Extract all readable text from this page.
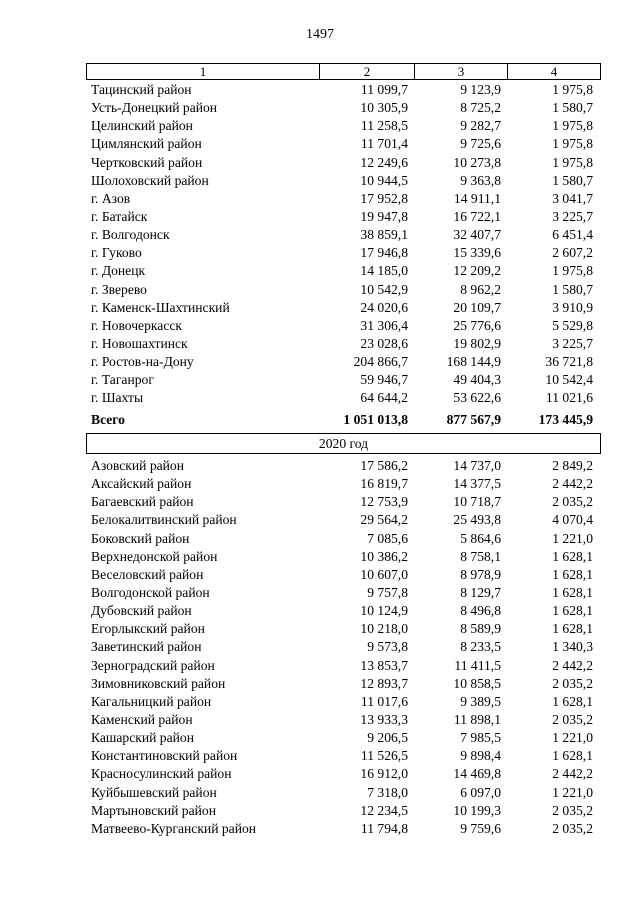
1497
1	2	3	4
Тацинский район	11 099,7	9 123,9	1 975,8
Усть-Донецкий район	10 305,9	8 725,2	1 580,7
Целинский район	11 258,5	9 282,7	1 975,8
Цимлянский район	11 701,4	9 725,6	1 975,8
Чертковский район	12 249,6	10 273,8	1 975,8
Шолоховский район	10 944,5	9 363,8	1 580,7
г. Азов	17 952,8	14 911,1	3 041,7
г. Батайск	19 947,8	16 722,1	3 225,7
г. Волгодонск	38 859,1	32 407,7	6 451,4
г. Гуково	17 946,8	15 339,6	2 607,2
г. Донецк	14 185,0	12 209,2	1 975,8
г. Зверево	10 542,9	8 962,2	1 580,7
г. Каменск-Шахтинский	24 020,6	20 109,7	3 910,9
г. Новочеркасск	31 306,4	25 776,6	5 529,8
г. Новошахтинск	23 028,6	19 802,9	3 225,7
г. Ростов-на-Дону	204 866,7	168 144,9	36 721,8
г. Таганрог	59 946,7	49 404,3	10 542,4
г. Шахты	64 644,2	53 622,6	11 021,6
Всего	1 051 013,8	877 567,9	173 445,9
2020 год
Азовский район	17 586,2	14 737,0	2 849,2
Аксайский район	16 819,7	14 377,5	2 442,2
Багаевский район	12 753,9	10 718,7	2 035,2
Белокалитвинский район	29 564,2	25 493,8	4 070,4
Боковский район	7 085,6	5 864,6	1 221,0
Верхнедонской район	10 386,2	8 758,1	1 628,1
Веселовский район	10 607,0	8 978,9	1 628,1
Волгодонской район	9 757,8	8 129,7	1 628,1
Дубовский район	10 124,9	8 496,8	1 628,1
Егорлыкский район	10 218,0	8 589,9	1 628,1
Заветинский район	9 573,8	8 233,5	1 340,3
Зерноградский район	13 853,7	11 411,5	2 442,2
Зимовниковский район	12 893,7	10 858,5	2 035,2
Кагальницкий район	11 017,6	9 389,5	1 628,1
Каменский район	13 933,3	11 898,1	2 035,2
Кашарский район	9 206,5	7 985,5	1 221,0
Константиновский район	11 526,5	9 898,4	1 628,1
Красносулинский район	16 912,0	14 469,8	2 442,2
Куйбышевский район	7 318,0	6 097,0	1 221,0
Мартыновский район	12 234,5	10 199,3	2 035,2
Матвеево-Курганский район	11 794,8	9 759,6	2 035,2
